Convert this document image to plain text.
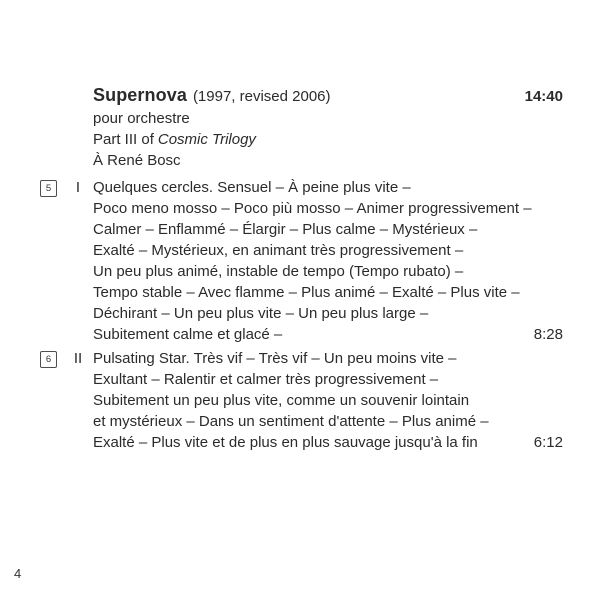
Supernova (1997, revised 2006)	14:40
pour orchestre
Part III of Cosmic Trilogy
À René Bosc
5	I Quelques cercles. Sensuel – À peine plus vite –
Poco meno mosso – Poco più mosso – Animer progressivement –
Calmer – Enflammé – Élargir – Plus calme – Mystérieux –
Exalté – Mystérieux, en animant très progressivement –
Un peu plus animé, instable de tempo (Tempo rubato) –
Tempo stable – Avec flamme – Plus animé – Exalté – Plus vite –
Déchirant – Un peu plus vite – Un peu plus large –
Subitement calme et glacé –	8:28
6	II Pulsating Star. Très vif – Très vif – Un peu moins vite –
Exultant – Ralentir et calmer très progressivement –
Subitement un peu plus vite, comme un souvenir lointain
et mystérieux – Dans un sentiment d'attente – Plus animé –
Exalté – Plus vite et de plus en plus sauvage jusqu'à la fin	6:12
4
